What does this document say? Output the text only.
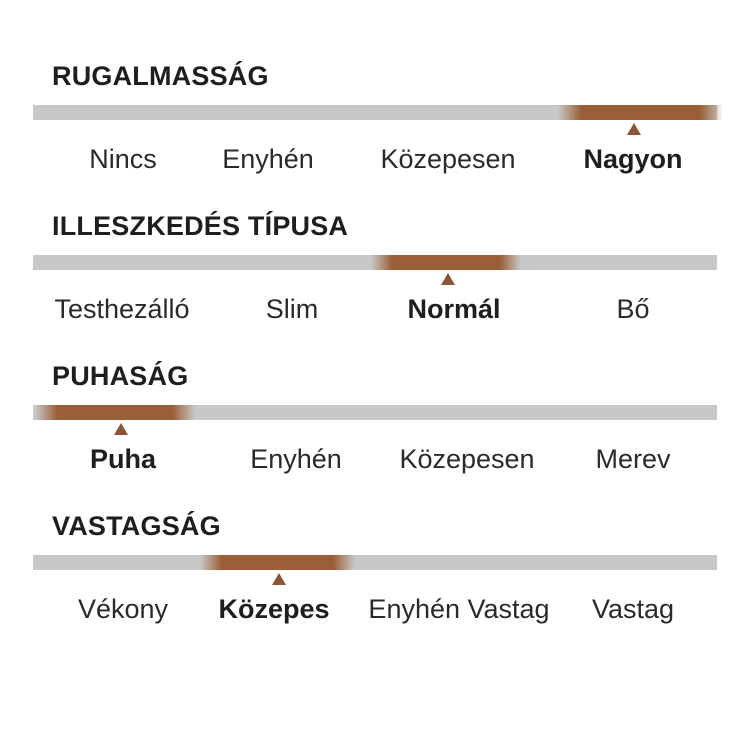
RUGALMASSÁG
Nincs Enyhén Közepesen	Nagyon
ILLESZKEDÉS TÍPUSA
Testhezálló	Slim	Normál	Bő
PUHASÁG
Puha	Enyhén Közepesen Merev
VASTAGSÁG
Vékony Közepes Enyhén Vastag Vastag
